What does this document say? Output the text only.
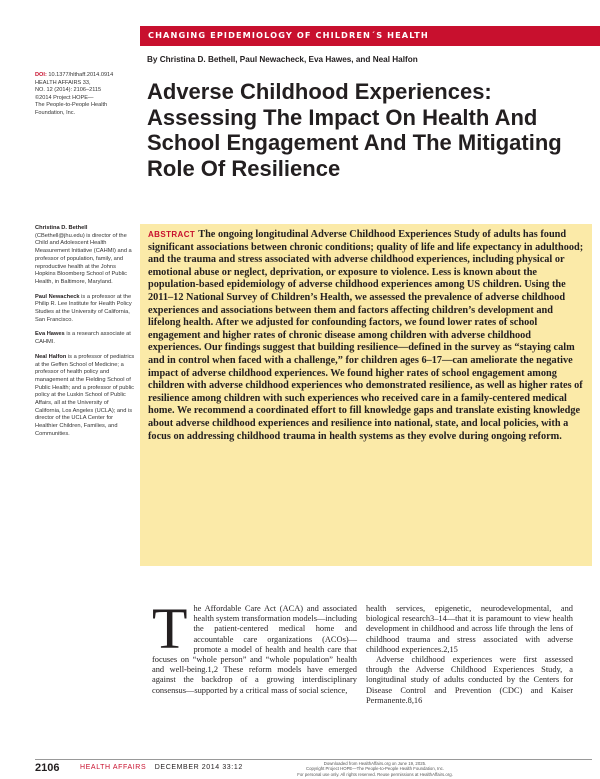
CHANGING EPIDEMIOLOGY OF CHILDREN´S HEALTH
DOI: 10.1377/hlthaff.2014.0914
HEALTH AFFAIRS 33,
NO. 12 (2014): 2106–2115
©2014 Project HOPE—
The People-to-People Health Foundation, Inc.
By Christina D. Bethell, Paul Newacheck, Eva Hawes, and Neal Halfon
Adverse Childhood Experiences: Assessing The Impact On Health And School Engagement And The Mitigating Role Of Resilience

Christina D. Bethell (CBethell@jhu.edu) is director of the Child and Adolescent Health Measurement Initiative (CAHMI) and a professor of population, family, and reproductive health at the Johns Hopkins Bloomberg School of Public Health, in Baltimore, Maryland.

Paul Newacheck is a professor at the Philip R. Lee Institute for Health Policy Studies at the University of California, San Francisco.

Eva Hawes is a research associate at CAHMI.

Neal Halfon is a professor of pediatrics at the Geffen School of Medicine; a professor of health policy and management at the Fielding School of Public Health; and a professor of public policy at the Luskin School of Public Affairs, all at the University of California, Los Angeles (UCLA); and is director of the UCLA Center for Healthier Children, Families, and Communities.

ABSTRACT The ongoing longitudinal Adverse Childhood Experiences Study of adults has found significant associations between chronic conditions; quality of life and life expectancy in adulthood; and the trauma and stress associated with adverse childhood experiences, including physical or emotional abuse or neglect, deprivation, or exposure to violence. Less is known about the population-based epidemiology of adverse childhood experiences among US children. Using the 2011–12 National Survey of Children’s Health, we assessed the prevalence of adverse childhood experiences and associations between them and factors affecting children’s development and lifelong health. After we adjusted for confounding factors, we found lower rates of school engagement and higher rates of chronic disease among children with adverse childhood experiences. Our findings suggest that building resilience—defined in the survey as “staying calm and in control when faced with a challenge,” for children ages 6–17—can ameliorate the negative impact of adverse childhood experiences. We found higher rates of school engagement among children with adverse childhood experiences who demonstrated resilience, as well as higher rates of resilience among children with such experiences who received care in a family-centered medical home. We recommend a coordinated effort to fill knowledge gaps and translate existing knowledge about adverse childhood experiences and resilience into national, state, and local policies, with a focus on addressing childhood trauma in health systems as they evolve during ongoing reform.

The Affordable Care Act (ACA) and associated health system transformation models—including the patient-centered medical home and accountable care organizations (ACOs)—promote a model of health and health care that focuses on “whole person” and “whole population” health and well-being.1,2 These reform models have emerged against the backdrop of a growing interdisciplinary consensus—supported by a critical mass of social science,

health services, epigenetic, neurodevelopmental, and biological research3–14—that it is paramount to view health development in childhood and across life through the lens of childhood trauma and stress associated with adverse childhood experiences.2,15

Adverse childhood experiences were first assessed through the Adverse Childhood Experiences Study, a longitudinal study of adults conducted by the Centers for Disease Control and Prevention (CDC) and Kaiser Permanente.8,16

2106	HEALTH AFFAIRS DECEMBER 2014 33:12
Downloaded from HealthAffairs.org on June 19, 2025.
Copyright Project HOPE—The People-to-People Health Foundation, Inc.
For personal use only. All rights reserved. Reuse permissions at HealthAffairs.org.
